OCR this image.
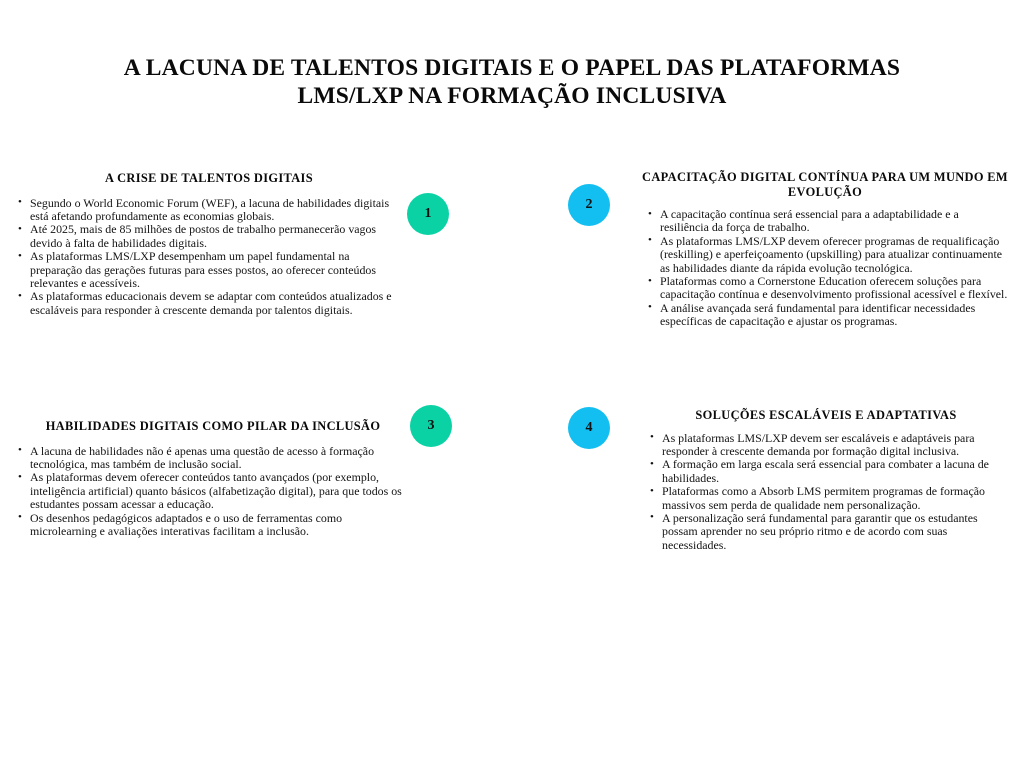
A LACUNA DE TALENTOS DIGITAIS E O PAPEL DAS PLATAFORMAS LMS/LXP NA FORMAÇÃO INCLUSIVA
A CRISE DE TALENTOS DIGITAIS
• Segundo o World Economic Forum (WEF), a lacuna de habilidades digitais está afetando profundamente as economias globais.
• Até 2025, mais de 85 milhões de postos de trabalho permanecerão vagos devido à falta de habilidades digitais.
• As plataformas LMS/LXP desempenham um papel fundamental na preparação das gerações futuras para esses postos, ao oferecer conteúdos relevantes e acessíveis.
• As plataformas educacionais devem se adaptar com conteúdos atualizados e escaláveis para responder à crescente demanda por talentos digitais.
CAPACITAÇÃO DIGITAL CONTÍNUA PARA UM MUNDO EM EVOLUÇÃO
• A capacitação contínua será essencial para a adaptabilidade e a resiliência da força de trabalho.
• As plataformas LMS/LXP devem oferecer programas de requalificação (reskilling) e aperfeiçoamento (upskilling) para atualizar continuamente as habilidades diante da rápida evolução tecnológica.
• Plataformas como a Cornerstone Education oferecem soluções para capacitação contínua e desenvolvimento profissional acessível e flexível.
• A análise avançada será fundamental para identificar necessidades específicas de capacitação e ajustar os programas.
HABILIDADES DIGITAIS COMO PILAR DA INCLUSÃO
• A lacuna de habilidades não é apenas uma questão de acesso à formação tecnológica, mas também de inclusão social.
• As plataformas devem oferecer conteúdos tanto avançados (por exemplo, inteligência artificial) quanto básicos (alfabetização digital), para que todos os estudantes possam acessar a educação.
• Os desenhos pedagógicos adaptados e o uso de ferramentas como microlearning e avaliações interativas facilitam a inclusão.
SOLUÇÕES ESCALÁVEIS E ADAPTATIVAS
• As plataformas LMS/LXP devem ser escaláveis e adaptáveis para responder à crescente demanda por formação digital inclusiva.
• A formação em larga escala será essencial para combater a lacuna de habilidades.
• Plataformas como a Absorb LMS permitem programas de formação massivos sem perda de qualidade nem personalização.
• A personalização será fundamental para garantir que os estudantes possam aprender no seu próprio ritmo e de acordo com suas necessidades.
1
2
3	4
